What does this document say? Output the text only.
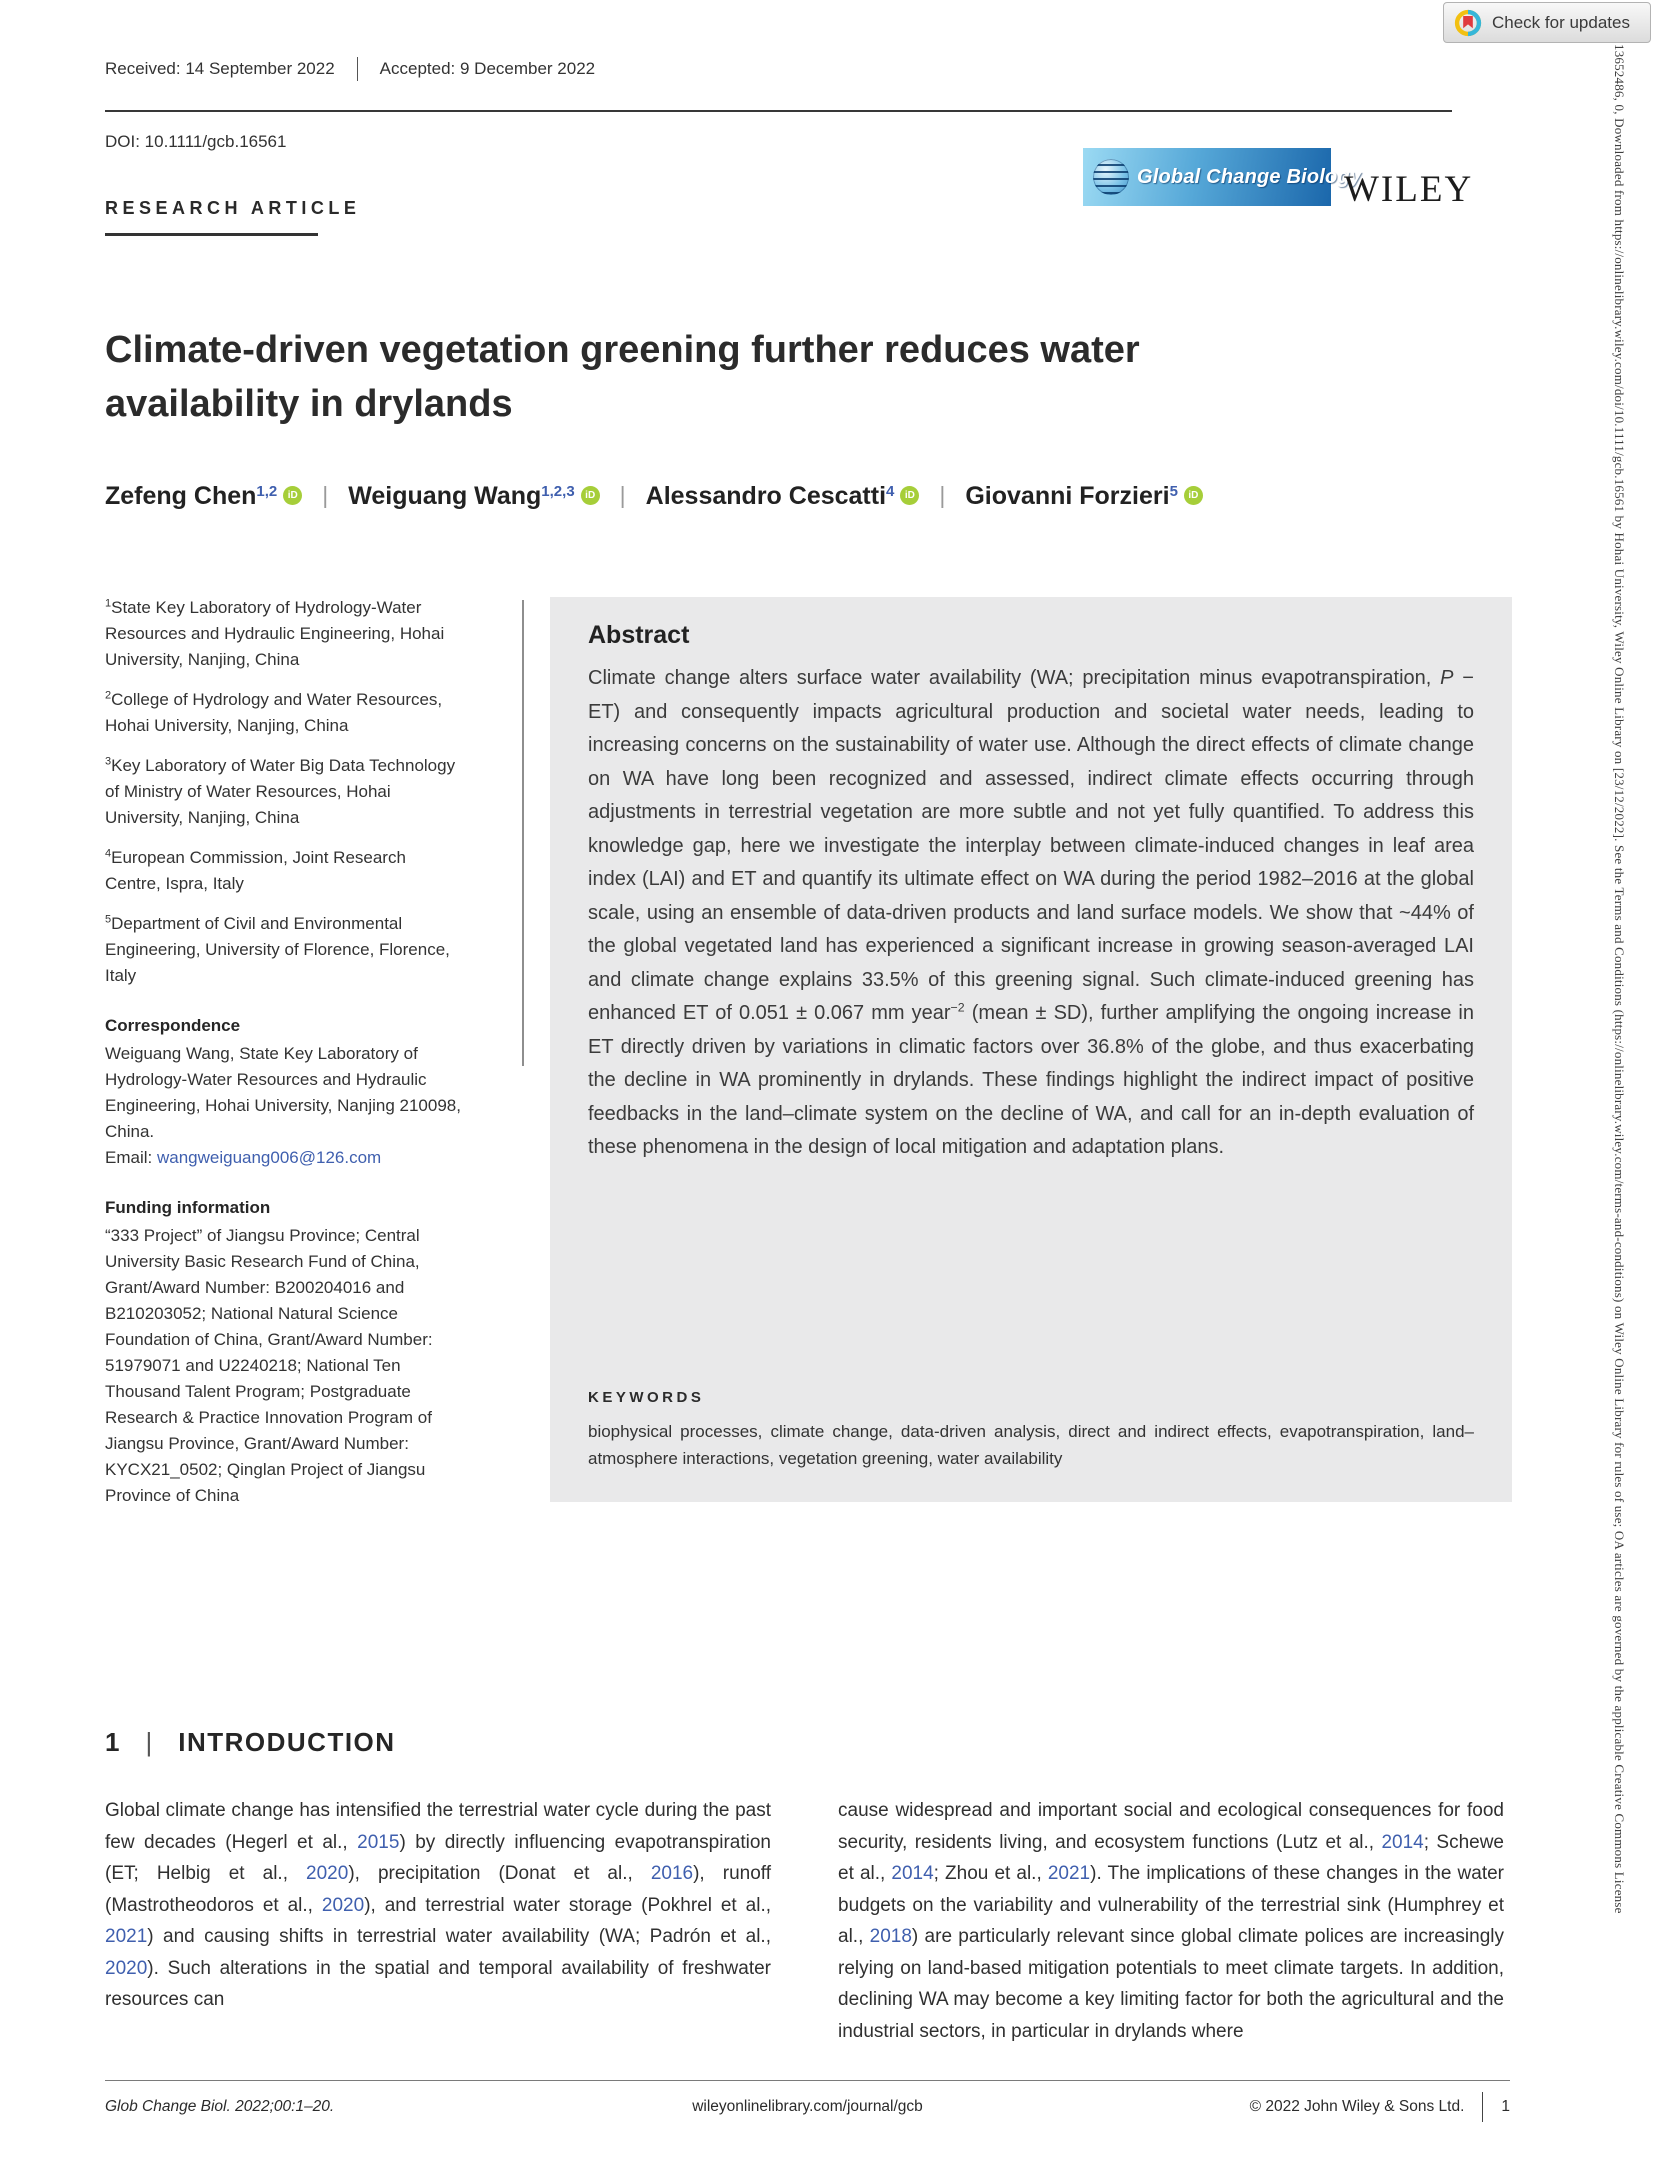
13652486, 0, Downloaded from https://onlinelibrary.wiley.com/doi/10.1111/gcb.16561 by Hohai University, Wiley Online Library on [23/12/2022]. See the Terms and Conditions (https://onlinelibrary.wiley.com/terms-and-conditions) on Wiley Online Library for rules of use; OA articles are governed by the applicable Creative Commons License
Check for updates
Received: 14 September 2022	Accepted: 9 December 2022
DOI: 10.1111/gcb.16561
Global Change Biology
WILEY
RESEARCH ARTICLE
Climate-driven vegetation greening further reduces water availability in drylands
Zefeng Chen$^{1,2}$ iD | Weiguang Wang$^{1,2,3}$ iD | Alessandro Cescatti$^4$ iD | Giovanni Forzieri$^5$ iD

$^1$State Key Laboratory of Hydrology-Water Resources and Hydraulic Engineering, Hohai University, Nanjing, China

$^2$College of Hydrology and Water Resources, Hohai University, Nanjing, China

$^3$Key Laboratory of Water Big Data Technology of Ministry of Water Resources, Hohai University, Nanjing, China

$^4$European Commission, Joint Research Centre, Ispra, Italy

$^5$Department of Civil and Environmental Engineering, University of Florence, Florence, Italy

Correspondence
Weiguang Wang, State Key Laboratory of Hydrology-Water Resources and Hydraulic Engineering, Hohai University, Nanjing 210098, China.
Email: wangweiguang006@126.com
Funding information
“333 Project” of Jiangsu Province; Central University Basic Research Fund of China, Grant/Award Number: B200204016 and B210203052; National Natural Science Foundation of China, Grant/Award Number: 51979071 and U2240218; National Ten Thousand Talent Program; Postgraduate Research & Practice Innovation Program of Jiangsu Province, Grant/Award Number: KYCX21_0502; Qinglan Project of Jiangsu Province of China
Abstract
Climate change alters surface water availability (WA; precipitation minus evapotranspiration, P − ET) and consequently impacts agricultural production and societal water needs, leading to increasing concerns on the sustainability of water use. Although the direct effects of climate change on WA have long been recognized and assessed, indirect climate effects occurring through adjustments in terrestrial vegetation are more subtle and not yet fully quantified. To address this knowledge gap, here we investigate the interplay between climate-induced changes in leaf area index (LAI) and ET and quantify its ultimate effect on WA during the period 1982–2016 at the global scale, using an ensemble of data-driven products and land surface models. We show that ~44% of the global vegetated land has experienced a significant increase in growing season-averaged LAI and climate change explains 33.5% of this greening signal. Such climate-induced greening has enhanced ET of 0.051 ± 0.067 mm year$^{-2}$ (mean ± SD), further amplifying the ongoing increase in ET directly driven by variations in climatic factors over 36.8% of the globe, and thus exacerbating the decline in WA prominently in drylands. These findings highlight the indirect impact of positive feedbacks in the land–climate system on the decline of WA, and call for an in-depth evaluation of these phenomena in the design of local mitigation and adaptation plans.
KEYWORDS
biophysical processes, climate change, data-driven analysis, direct and indirect effects, evapotranspiration, land–atmosphere interactions, vegetation greening, water availability
1 | INTRODUCTION
Global climate change has intensified the terrestrial water cycle during the past few decades (Hegerl et al., 2015) by directly influencing evapotranspiration (ET; Helbig et al., 2020), precipitation (Donat et al., 2016), runoff (Mastrotheodoros et al., 2020), and terrestrial water storage (Pokhrel et al., 2021) and causing shifts in terrestrial water availability (WA; Padrón et al., 2020). Such alterations in the spatial and temporal availability of freshwater resources can
cause widespread and important social and ecological consequences for food security, residents living, and ecosystem functions (Lutz et al., 2014; Schewe et al., 2014; Zhou et al., 2021). The implications of these changes in the water budgets on the variability and vulnerability of the terrestrial sink (Humphrey et al., 2018) are particularly relevant since global climate polices are increasingly relying on land-based mitigation potentials to meet climate targets. In addition, declining WA may become a key limiting factor for both the agricultural and the industrial sectors, in particular in drylands where
Glob Change Biol. 2022;00:1–20.	wileyonlinelibrary.com/journal/gcb	© 2022 John Wiley & Sons Ltd. 1
